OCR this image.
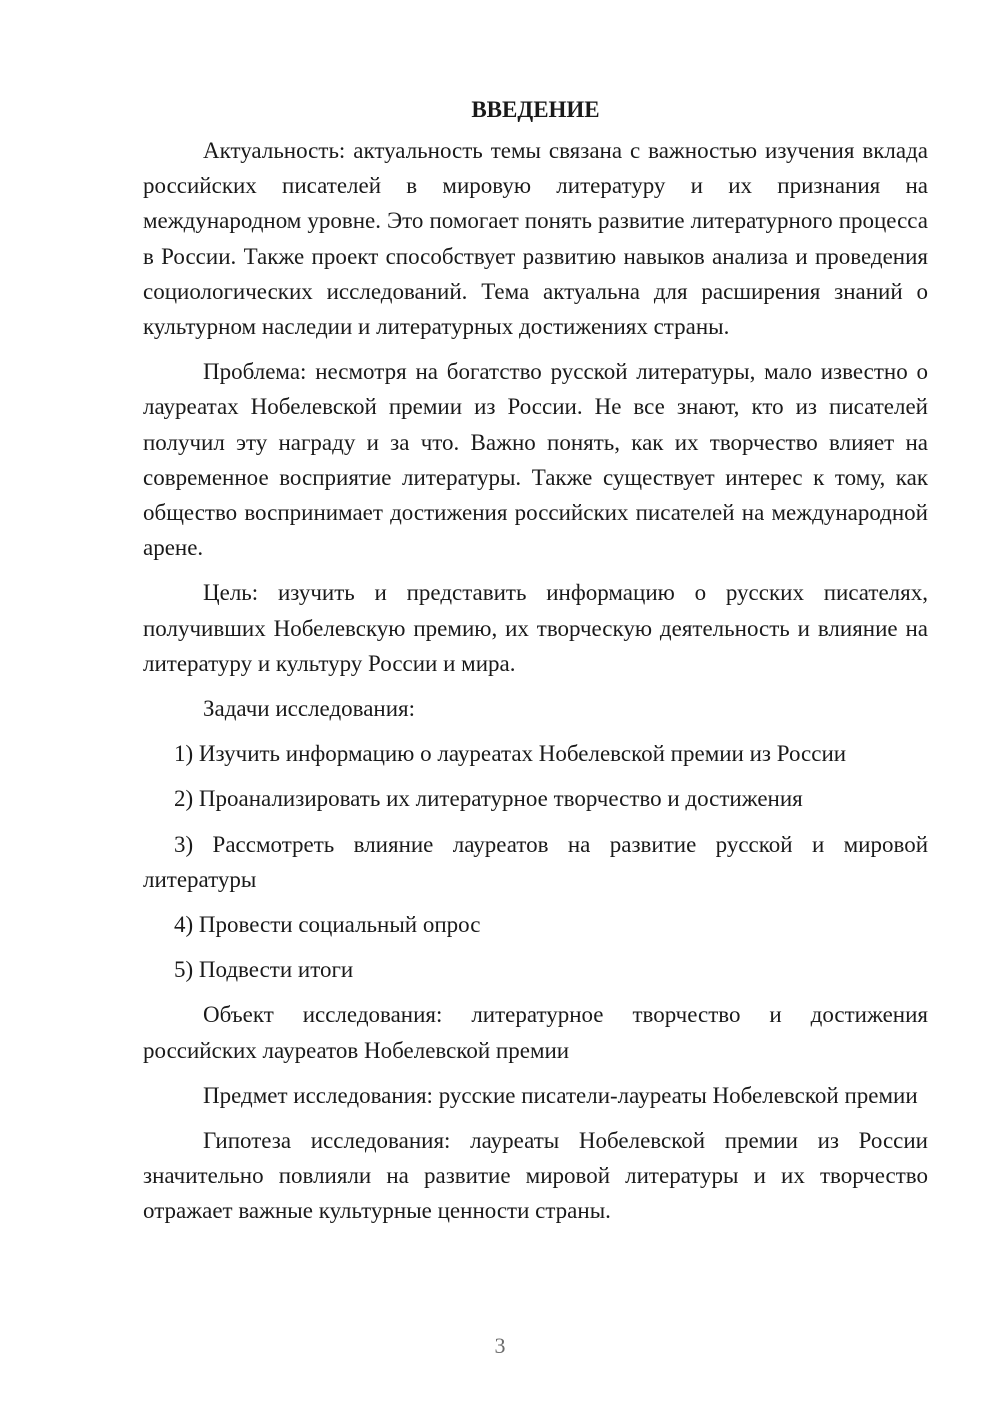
ВВЕДЕНИЕ

Актуальность: актуальность темы связана с важностью изучения вклада российских писателей в мировую литературу и их признания на международном уровне. Это помогает понять развитие литературного процесса в России. Также проект способствует развитию навыков анализа и проведения социологических исследований. Тема актуальна для расширения знаний о культурном наследии и литературных достижениях страны.

Проблема: несмотря на богатство русской литературы, мало известно о лауреатах Нобелевской премии из России. Не все знают, кто из писателей получил эту награду и за что. Важно понять, как их творчество влияет на современное восприятие литературы. Также существует интерес к тому, как общество воспринимает достижения российских писателей на международной арене.

Цель: изучить и представить информацию о русских писателях, получивших Нобелевскую премию, их творческую деятельность и влияние на литературу и культуру России и мира.

Задачи исследования:

1) Изучить информацию о лауреатах Нобелевской премии из России

2) Проанализировать их литературное творчество и достижения

3) Рассмотреть влияние лауреатов на развитие русской и мировой литературы

4) Провести социальный опрос

5) Подвести итоги

Объект исследования: литературное творчество и достижения российских лауреатов Нобелевской премии

Предмет исследования: русские писатели-лауреаты Нобелевской премии

Гипотеза исследования: лауреаты Нобелевской премии из России значительно повлияли на развитие мировой литературы и их творчество отражает важные культурные ценности страны.

3
